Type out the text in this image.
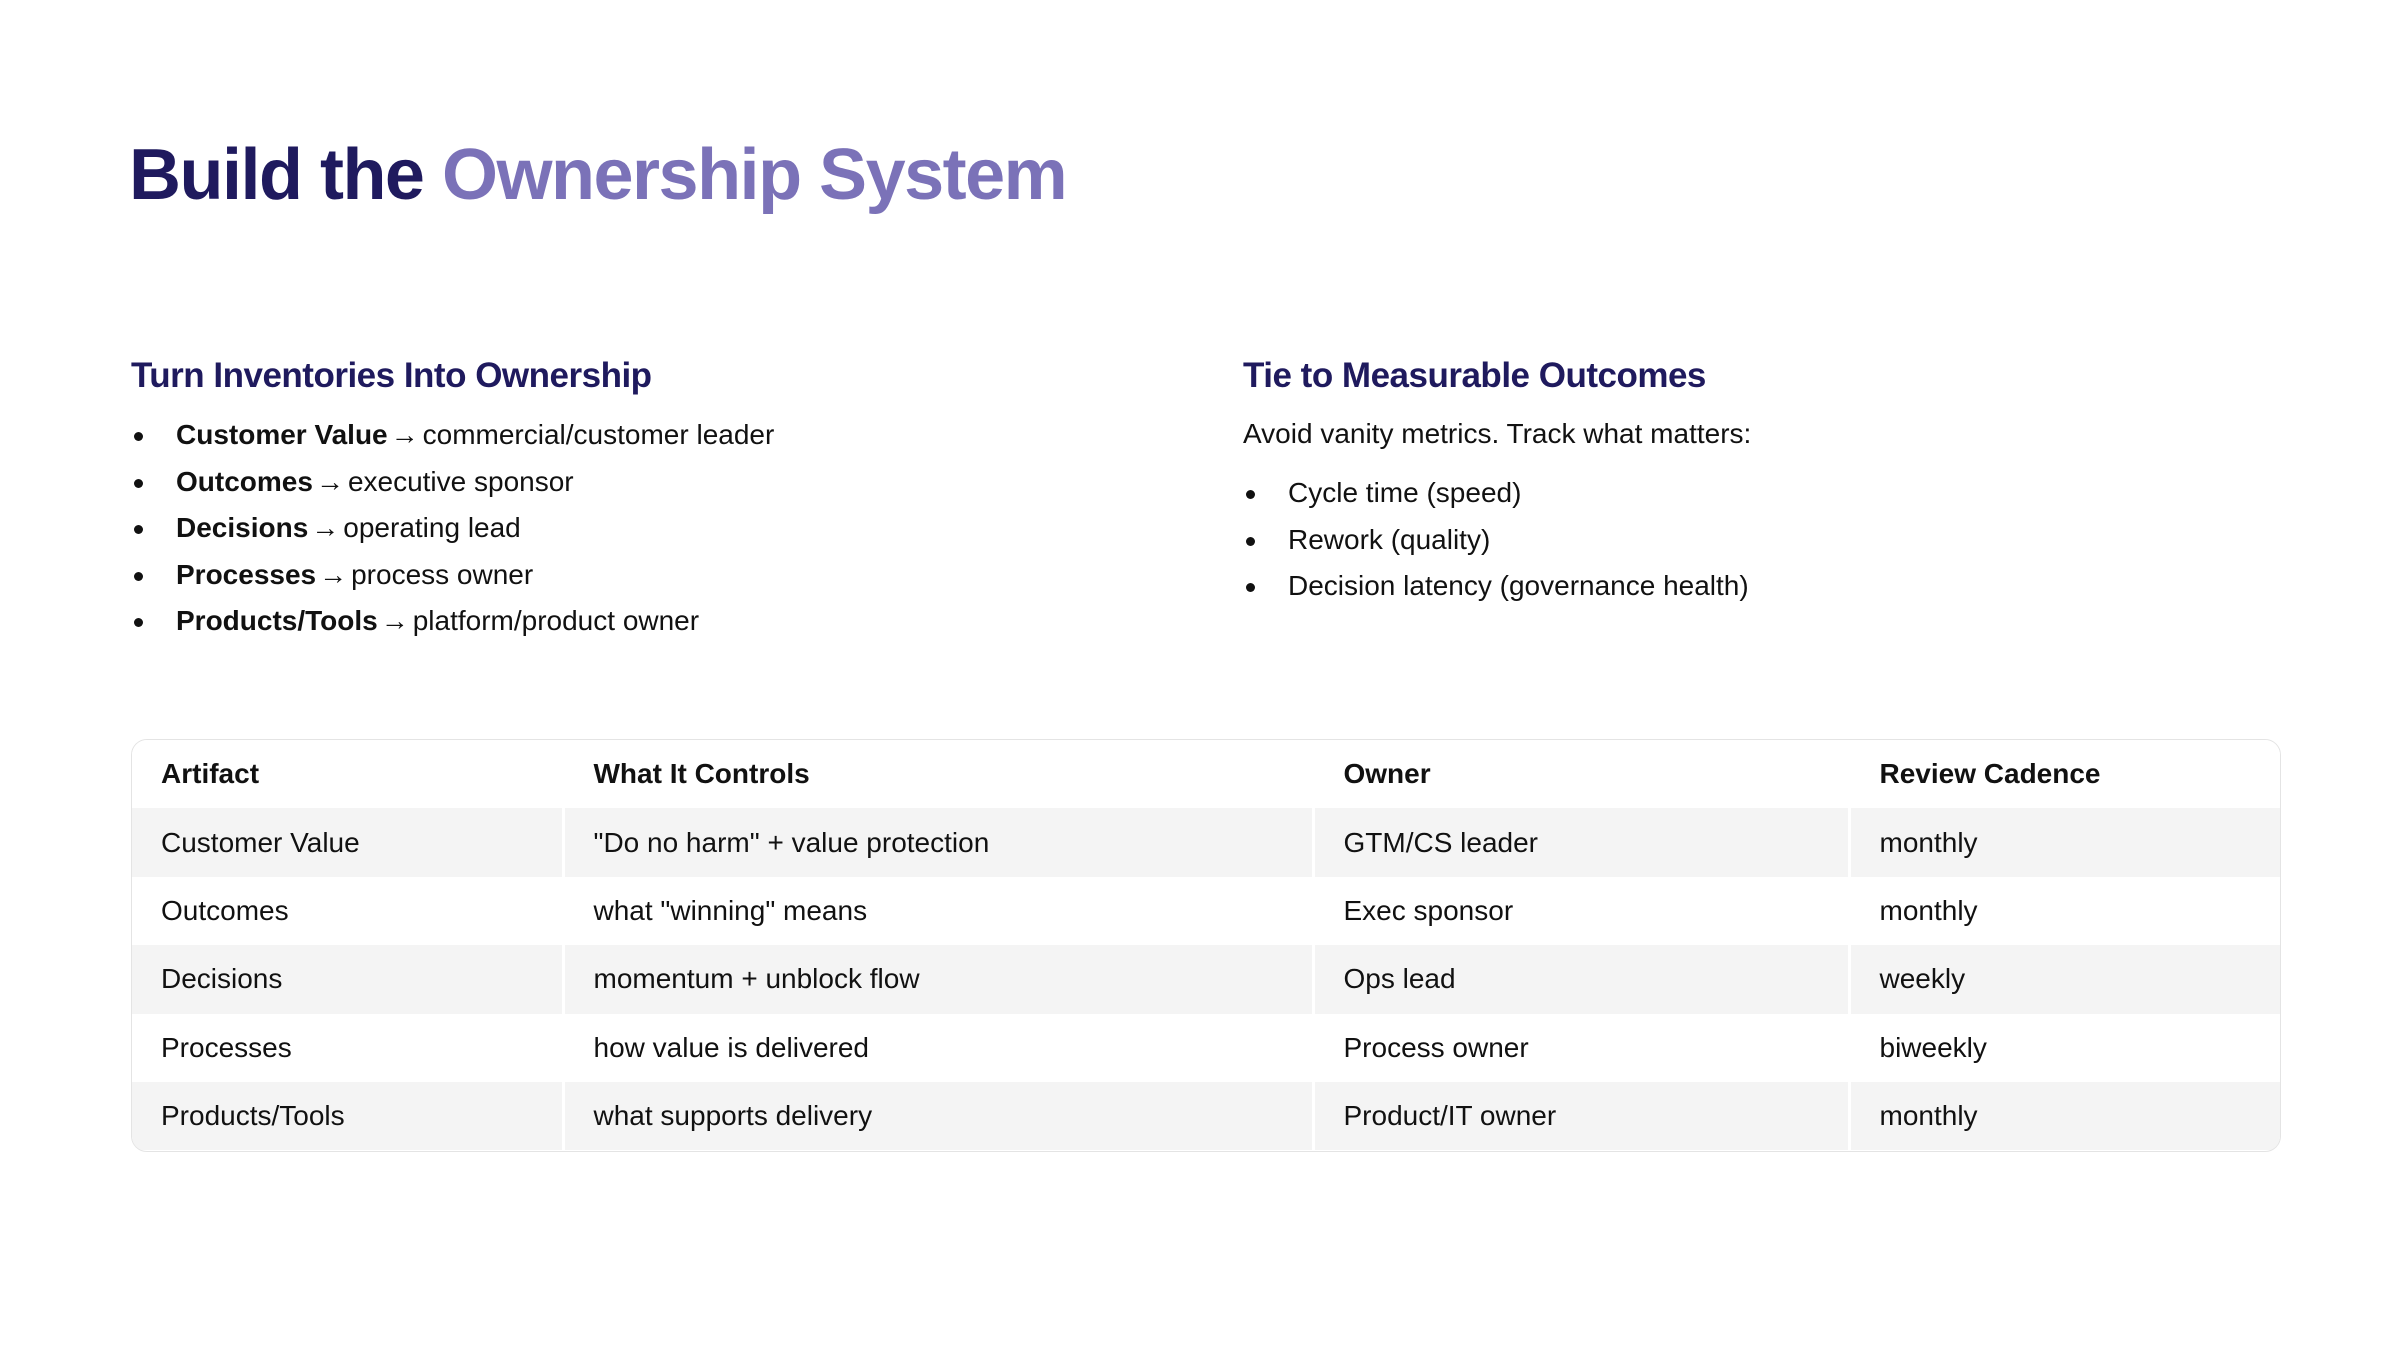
Build the Ownership System
Turn Inventories Into Ownership
Customer Value → commercial/customer leader
Outcomes → executive sponsor
Decisions → operating lead
Processes → process owner
Products/Tools → platform/product owner
Tie to Measurable Outcomes

Avoid vanity metrics. Track what matters:

Cycle time (speed)
Rework (quality)
Decision latency (governance health)
Artifact	What It Controls	Owner	Review Cadence
Customer Value	"Do no harm" + value protection	GTM/CS leader	monthly
Outcomes	what "winning" means	Exec sponsor	monthly
Decisions	momentum + unblock flow	Ops lead	weekly
Processes	how value is delivered	Process owner	biweekly
Products/Tools	what supports delivery	Product/IT owner	monthly
